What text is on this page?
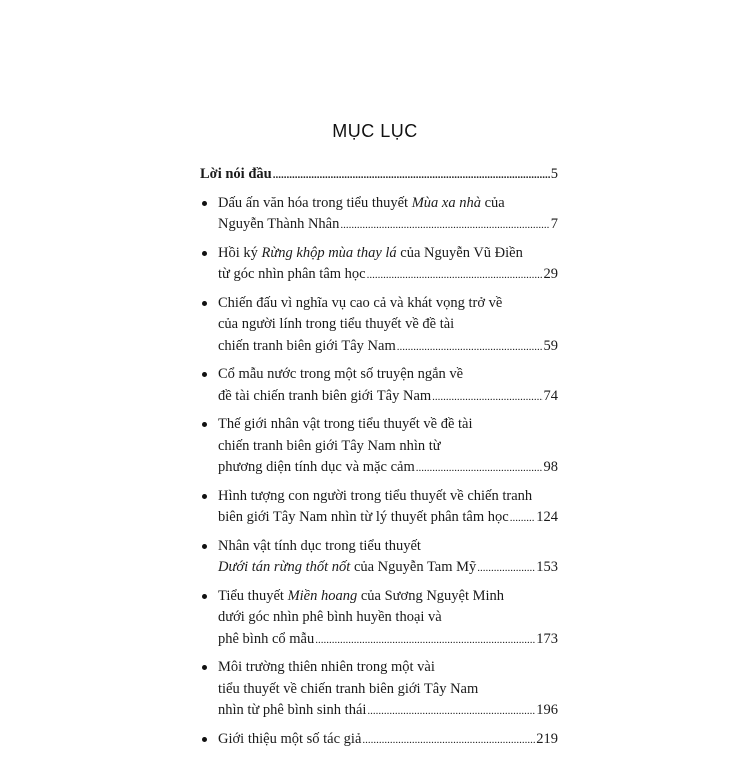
MỤC LỤC
Lời nói đầu .....	5
Dấu ấn văn hóa trong tiểu thuyết Mùa xa nhà của
Nguyễn Thành Nhân .....	7
Hồi ký Rừng khộp mùa thay lá của Nguyễn Vũ Điền
từ góc nhìn phân tâm học .....	29
Chiến đấu vì nghĩa vụ cao cả và khát vọng trở về
của người lính trong tiểu thuyết về đề tài
chiến tranh biên giới Tây Nam .....	59
Cổ mẫu nước trong một số truyện ngắn về
đề tài chiến tranh biên giới Tây Nam .....	74
Thế giới nhân vật trong tiểu thuyết về đề tài
chiến tranh biên giới Tây Nam nhìn từ
phương diện tính dục và mặc cảm .....	98
Hình tượng con người trong tiểu thuyết về chiến tranh
biên giới Tây Nam nhìn từ lý thuyết phân tâm học ..... 124
Nhân vật tính dục trong tiểu thuyết
Dưới tán rừng thốt nốt của Nguyễn Tam Mỹ .....	153
Tiểu thuyết Miền hoang của Sương Nguyệt Minh
dưới góc nhìn phê bình huyền thoại và
phê bình cổ mẫu .....	173
Môi trường thiên nhiên trong một vài
tiểu thuyết về chiến tranh biên giới Tây Nam
nhìn từ phê bình sinh thái .....	196
Giới thiệu một số tác giả .....	219
